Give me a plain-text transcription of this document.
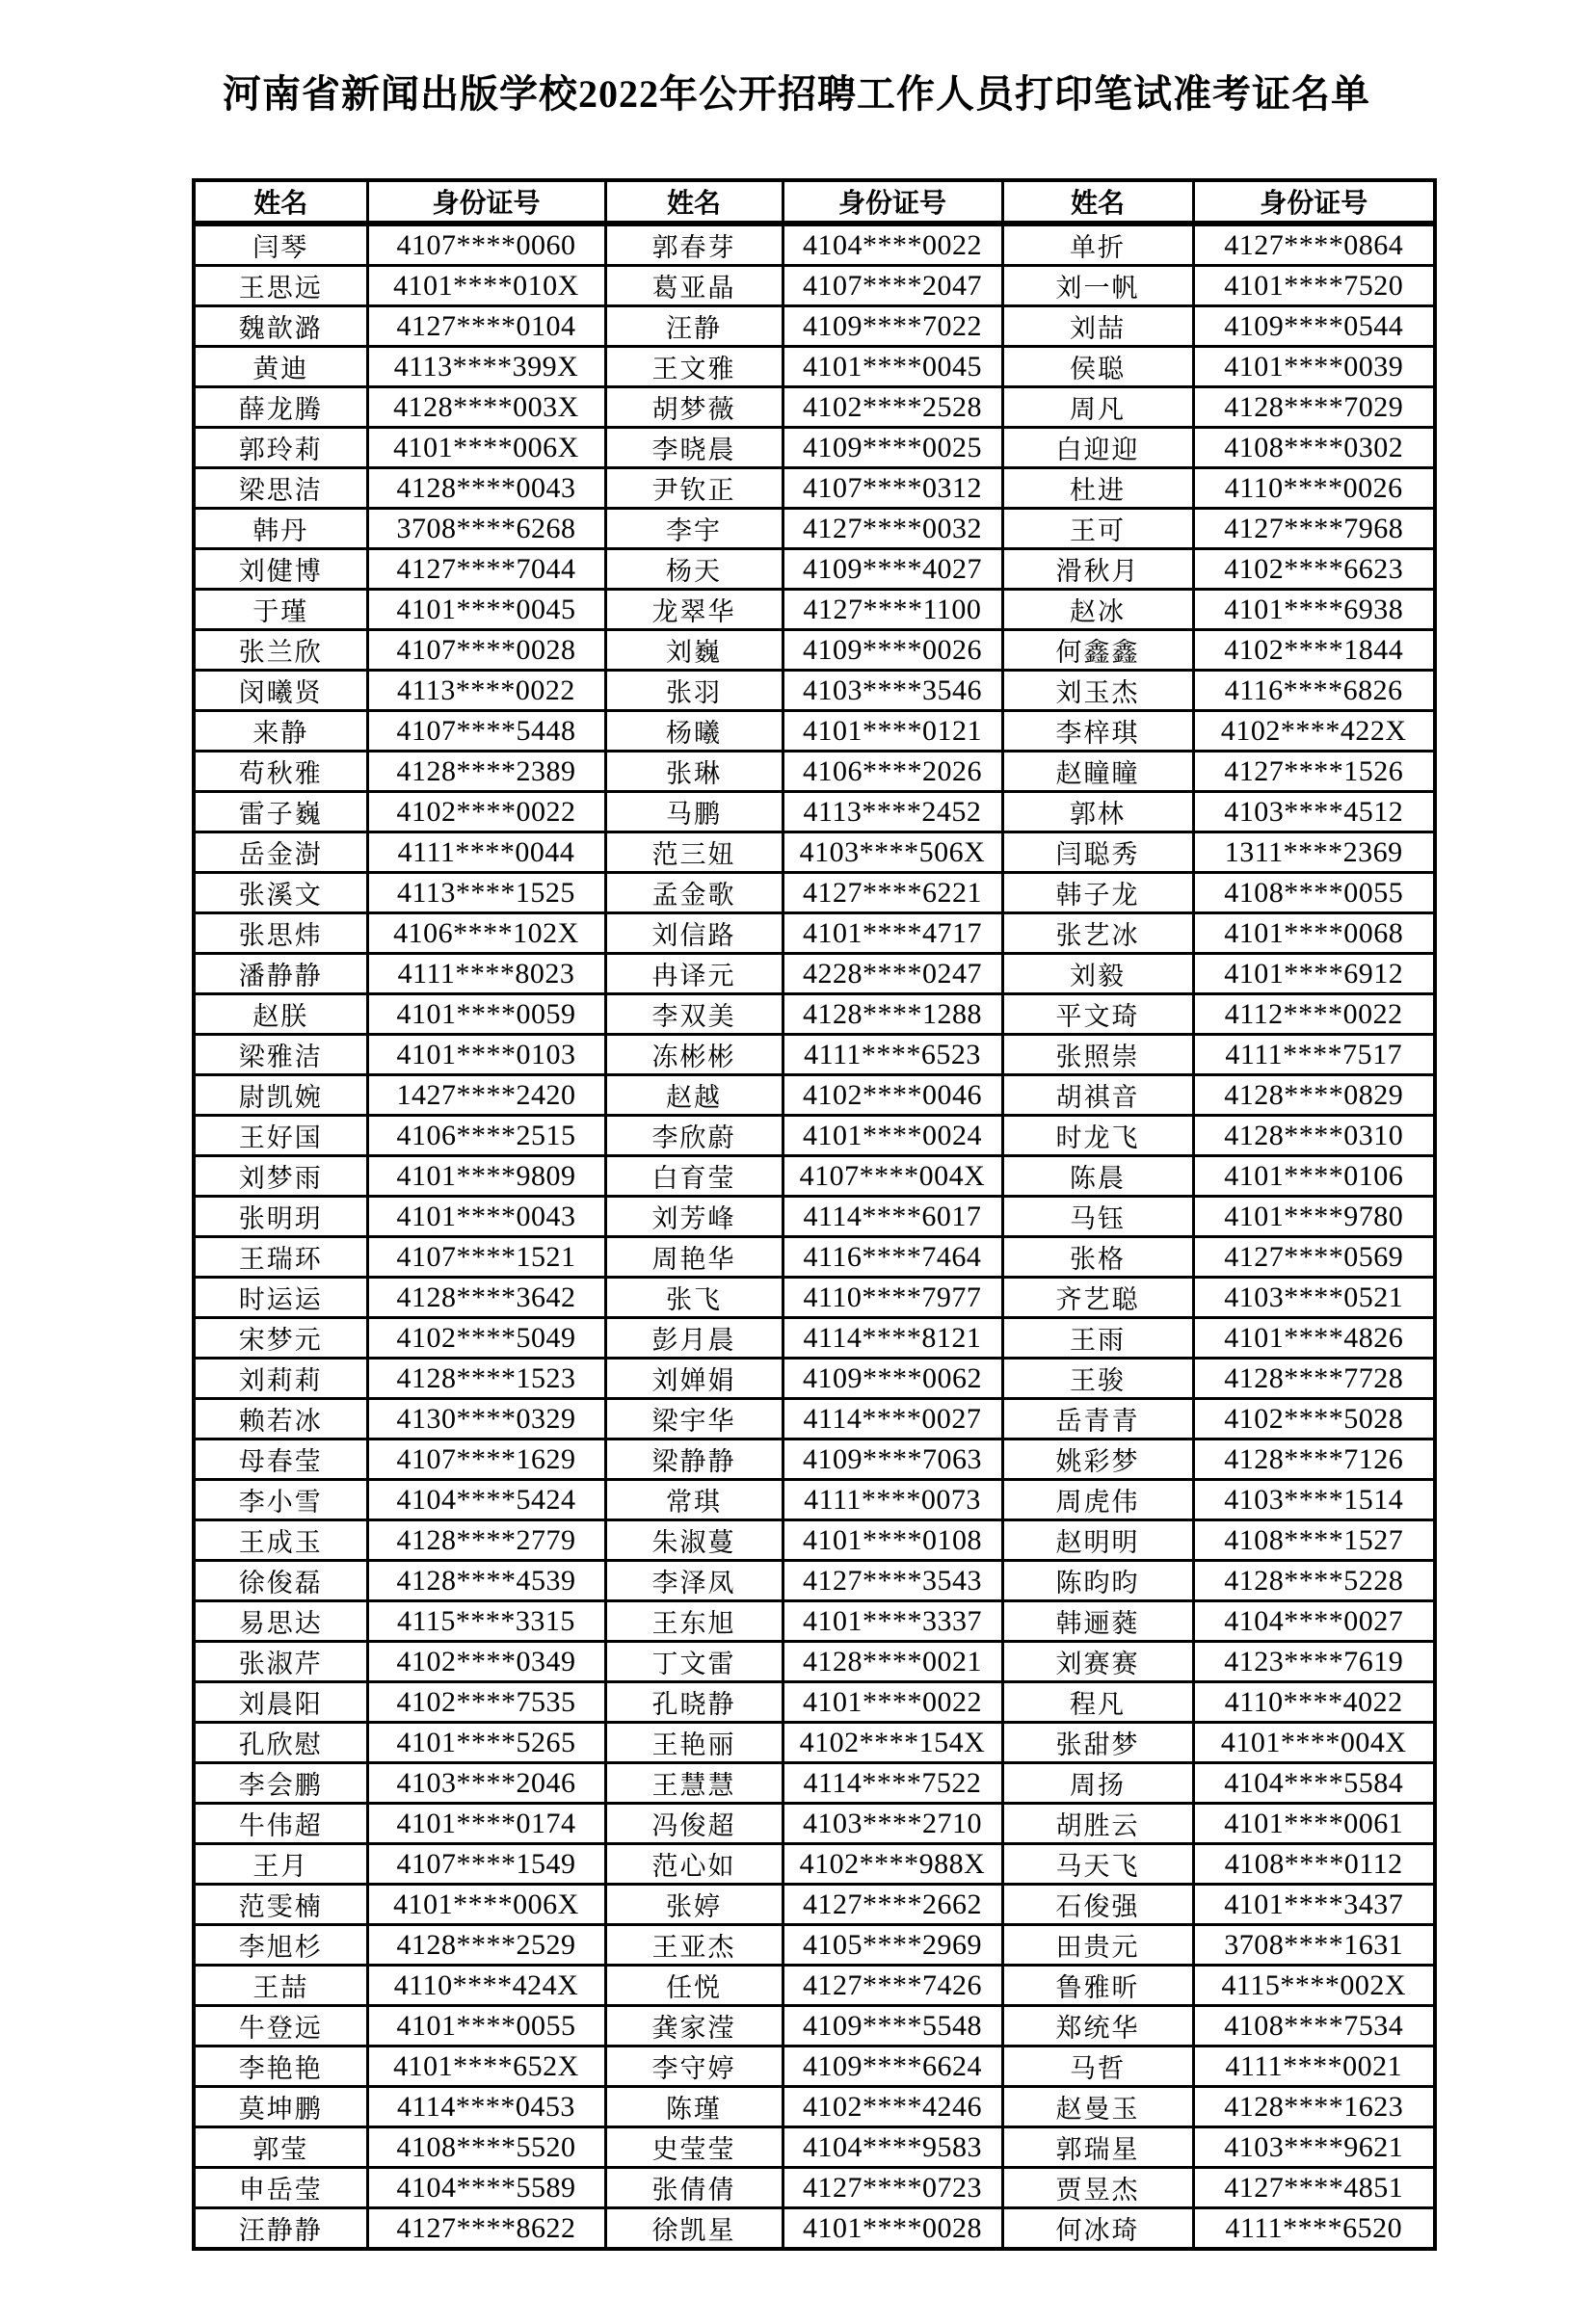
河南省新闻出版学校2022年公开招聘工作人员打印笔试准考证名单
姓名	身份证号	姓名	身份证号	姓名	身份证号
闫琴	4107****0060	郭春芽	4104****0022	单折	4127****0864
王思远	4101****010X	葛亚晶	4107****2047	刘一帆	4101****7520
魏歆潞	4127****0104	汪静	4109****7022	刘喆	4109****0544
黄迪	4113****399X	王文雅	4101****0045	侯聪	4101****0039
薛龙腾	4128****003X	胡梦薇	4102****2528	周凡	4128****7029
郭玲莉	4101****006X	李晓晨	4109****0025	白迎迎	4108****0302
梁思洁	4128****0043	尹钦正	4107****0312	杜进	4110****0026
韩丹	3708****6268	李宇	4127****0032	王可	4127****7968
刘健博	4127****7044	杨天	4109****4027	滑秋月	4102****6623
于瑾	4101****0045	龙翠华	4127****1100	赵冰	4101****6938
张兰欣	4107****0028	刘巍	4109****0026	何鑫鑫	4102****1844
闵曦贤	4113****0022	张羽	4103****3546	刘玉杰	4116****6826
来静	4107****5448	杨曦	4101****0121	李梓琪	4102****422X
苟秋雅	4128****2389	张琳	4106****2026	赵瞳瞳	4127****1526
雷子巍	4102****0022	马鹏	4113****2452	郭林	4103****4512
岳金澍	4111****0044	范三妞	4103****506X	闫聪秀	1311****2369
张溪文	4113****1525	孟金歌	4127****6221	韩子龙	4108****0055
张思炜	4106****102X	刘信路	4101****4717	张艺冰	4101****0068
潘静静	4111****8023	冉译元	4228****0247	刘毅	4101****6912
赵朕	4101****0059	李双美	4128****1288	平文琦	4112****0022
梁雅洁	4101****0103	冻彬彬	4111****6523	张照崇	4111****7517
尉凯婉	1427****2420	赵越	4102****0046	胡祺音	4128****0829
王好国	4106****2515	李欣蔚	4101****0024	时龙飞	4128****0310
刘梦雨	4101****9809	白育莹	4107****004X	陈晨	4101****0106
张明玥	4101****0043	刘芳峰	4114****6017	马钰	4101****9780
王瑞环	4107****1521	周艳华	4116****7464	张格	4127****0569
时运运	4128****3642	张飞	4110****7977	齐艺聪	4103****0521
宋梦元	4102****5049	彭月晨	4114****8121	王雨	4101****4826
刘莉莉	4128****1523	刘婵娟	4109****0062	王骏	4128****7728
赖若冰	4130****0329	梁宇华	4114****0027	岳青青	4102****5028
母春莹	4107****1629	梁静静	4109****7063	姚彩梦	4128****7126
李小雪	4104****5424	常琪	4111****0073	周虎伟	4103****1514
王成玉	4128****2779	朱淑蔓	4101****0108	赵明明	4108****1527
徐俊磊	4128****4539	李泽凤	4127****3543	陈昀昀	4128****5228
易思达	4115****3315	王东旭	4101****3337	韩逦蕤	4104****0027
张淑芹	4102****0349	丁文雷	4128****0021	刘赛赛	4123****7619
刘晨阳	4102****7535	孔晓静	4101****0022	程凡	4110****4022
孔欣慰	4101****5265	王艳丽	4102****154X	张甜梦	4101****004X
李会鹏	4103****2046	王慧慧	4114****7522	周扬	4104****5584
牛伟超	4101****0174	冯俊超	4103****2710	胡胜云	4101****0061
王月	4107****1549	范心如	4102****988X	马天飞	4108****0112
范雯楠	4101****006X	张婷	4127****2662	石俊强	4101****3437
李旭杉	4128****2529	王亚杰	4105****2969	田贵元	3708****1631
王喆	4110****424X	任悦	4127****7426	鲁雅昕	4115****002X
牛登远	4101****0055	龚家滢	4109****5548	郑统华	4108****7534
李艳艳	4101****652X	李守婷	4109****6624	马哲	4111****0021
莫坤鹏	4114****0453	陈瑾	4102****4246	赵曼玉	4128****1623
郭莹	4108****5520	史莹莹	4104****9583	郭瑞星	4103****9621
申岳莹	4104****5589	张倩倩	4127****0723	贾昱杰	4127****4851
汪静静	4127****8622	徐凯星	4101****0028	何冰琦	4111****6520
